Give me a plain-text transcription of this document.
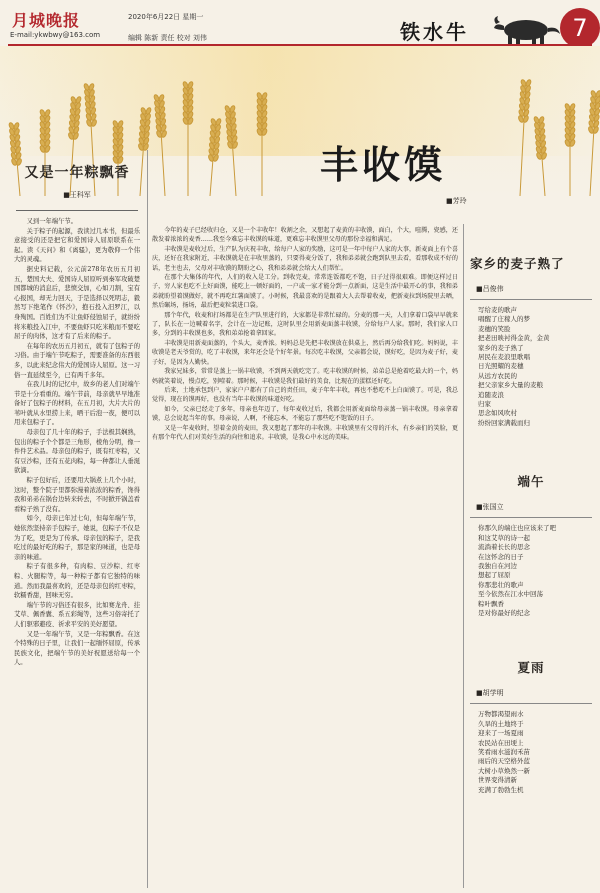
月城晚报
E-mail:ykwbwy@163.com
2020年6月22日 星期一
编辑 陈新 责任 校对 刘伟	铁水牛	7
丰收馍
■芳玲
又是一年粽飘香
■王科军

又到一年端午节。

关于粽子的起源，我读过几本书，但最乐意接受的还是把它和爱国诗人屈原联系在一起。读《天问》和《离骚》，更为敬仰一个伟大的灵魂。

据史料记载，公元前278年农历五月初五，楚国大夫、爱国诗人屈原听到秦军攻破楚国都城的消息后，悲愤交加，心如刀割，宝有心报国，却无力回天，于是选择以死明志，毅然写下绝笔作《怀沙》，抱石投入汨罗江，以身殉国。百姓们为不让鱼虾侵蚀屈子，就纷纷将米粮投入江中，不要鱼虾只吃米粮而不要吃屈子的肉体，这才有了后来的粽子。

在每年的农历五月初五，就有了包粽子的习俗。由于端午节吃粽子，需要准备的东西很多，以此来纪念伟大的爱国诗人屈原。这一习俗一直延续至今，已有两千多年。

在我儿时的记忆中，故乡的老人们对端午节是十分看重的。端午节前，母亲就早早地准备好了包粽子的材料，在五月初，大片大片的苇叶就从水里捞上来，晒干后泡一夜，便可以用来包粽子了。

母亲包了几十年的粽子，手法极其娴熟，包出的粽子个个都是三角形，棱角分明，像一件件艺术品。母亲包的粽子，既有红枣粽，又有豆沙粽，还有五花肉粽，每一种都让人垂涎欲滴。

粽子包好后，还要用大锅煮上几个小时，这时，整个院子里都弥漫着浓浓的粽香，馋得我和弟弟在锅台边转来转去，不时掀开锅盖看看粽子熟了没有。

如今，母亲已年过七旬，但每年端午节，她依然坚持亲手包粽子，她说，包粽子不仅是为了吃，更是为了传承。母亲包的粽子，是我吃过的最好吃的粽子，那是家的味道，也是母亲的味道。

粽子有很多种，有肉粽、豆沙粽、红枣粽、火腿粽等，每一种粽子都有它独特的味道。然而我最喜欢的，还是母亲包的红枣粽，软糯香甜，回味无穷。

端午节的习俗还有很多，比如赛龙舟、挂艾草、佩香囊、系五彩绳等，这些习俗寄托了人们驱邪避疫、祈求平安的美好愿望。

又是一年端午节，又是一年粽飘香。在这个特殊的日子里，让我们一起缅怀屈原，传承民族文化，把端午节的美好祝愿送给每一个人。

今年的麦子已经收归仓，又是一个丰收年！收割之余，又想起了麦黄的丰收馍，面白，个大，喧腾，瓷感，还散发着浓浓的麦香……我至今难忘丰收馍的味道，更难忘丰收馍里父母的那份幸福和满足。

丰收馍是麦收过后，生产队为庆祝丰收，给每户人家的奖励，这可是一年中每户人家的大事，新麦面上有个喜庆，还好在我家附近，丰收馍就是在丰收里蒸的，只要得麦分饭了，我和弟弟就会跑到队里去看，看那收成不好的话，老主也去，父母对丰收馍的期盼之心，我和弟弟就会给大人们帮忙。

在那个大集体的年代，人们的收入是工分。到收完麦，常常连饭都吃不饱，日子过得很艰难。即便这样过日子，穷人家也吃不上好面馍，能吃上一顿好面的，一户或一家才能分到一点新面，这是生活中最开心的事，我和弟弟就盼望着馍做好，就不再吃红薯面馍了。小时候，我最喜欢的是跟着大人去帮着收麦，把新麦拉到场院里去晒，然后碾场，扬场，最后把麦粒装进口袋。

那个年代，收麦和打场都是在生产队里进行的，大家都是非常忙碌的。分麦的那一天，人们拿着口袋早早就来了，队长在一边喊着名字，会计在一边记账，这时队里会用新麦面蒸丰收馍，分给每户人家。那时，我们家人口多，分到的丰收馍也多，我和弟弟抢着拿回家。

丰收馍是用新麦面蒸的，个头大，麦香浓。妈妈总是先把丰收馍放在供桌上，然后再分给我们吃。妈妈说，丰收馍是老天爷赏的，吃了丰收馍，来年还会是个好年景。每次吃丰收馍，父亲都会说，馍好吃，是因为麦子好，麦子好，是因为人勤快。

我家兄妹多，常常是蒸上一锅丰收馍，不到两天就吃完了。吃丰收馍的时候，弟弟总是抢着吃最大的一个，妈妈就笑着说，慢点吃，别噎着。那时候，丰收馍是我们最好的美食，比现在的蛋糕还好吃。

后来，土地承包到户，家家户户都有了自己的责任田，麦子年年丰收，再也不愁吃不上白面馍了。可是，我总觉得，现在的馍再好，也没有当年丰收馍的味道好吃。

如今，父亲已经走了多年，母亲也年迈了，每年麦收过后，我都会用新麦面给母亲蒸一锅丰收馍。母亲拿着馍，总会说起当年的事。母亲说，人啊，不能忘本，不能忘了那些吃不饱饭的日子。

又是一年麦收时，望着金黄的麦田，我又想起了那年的丰收馍。丰收馍里有父母的汗水，有乡亲们的笑脸，更有那个年代人们对美好生活的向往和追求。丰收馍，是我心中永远的美味。

家乡的麦子熟了
■吕俊伟
写给麦的歌声
唱醒了庄稼人的梦
麦穗的笑脸
把老田映衬得金黄，金黄
家乡的麦子熟了
居民在麦浪里歌唱
日光照耀的麦穗
从远方农民的
把父亲家乡大量的麦粮
追随麦浪
归家
思念如风吹村
纷纷回家满载而归
端午
■张国立
你那久的端庄也应该来了吧
和这艾草的诗一起
流淌着长长的思念
在这怀念的日子
我独自在河边
想起了屈原
你那悲壮的歌声
至今依然在江水中回荡
粽叶飘香
是对你最好的纪念
夏雨
■胡学明
万物都渴望雨水
久旱的土地终于
迎来了一场夏雨
农民站在田埂上
笑看雨水滋润禾苗
雨后的天空格外蓝
大树小草焕然一新
世界变得清新
充满了勃勃生机
